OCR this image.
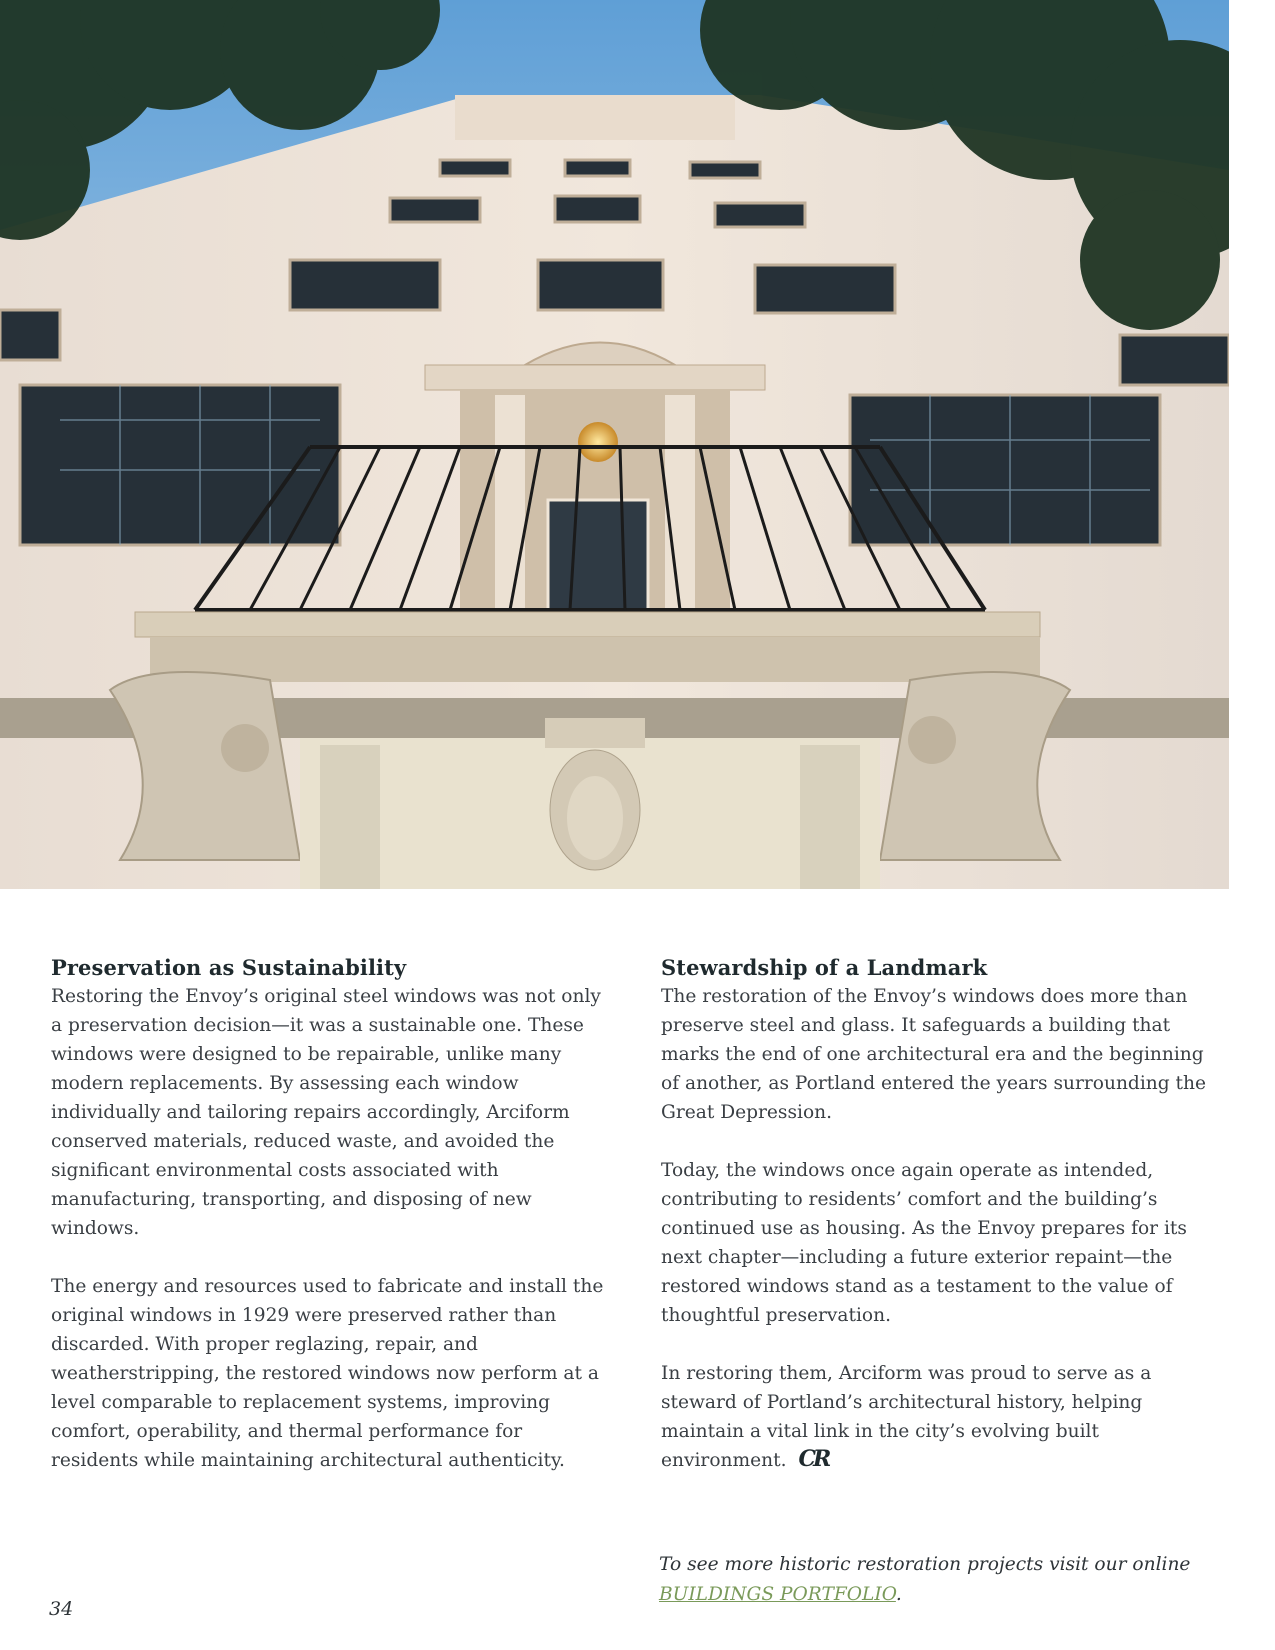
Preservation as Sustainability

Restoring the Envoy’s original steel windows was not only a preservation decision—it was a sustainable one. These windows were designed to be repairable, unlike many modern replacements. By assessing each window individually and tailoring repairs accordingly, Arciform conserved materials, reduced waste, and avoided the significant environmental costs associated with manufacturing, transporting, and disposing of new windows.

The energy and resources used to fabricate and install the original windows in 1929 were preserved rather than discarded. With proper reglazing, repair, and weatherstripping, the restored windows now perform at a level comparable to replacement systems, improving comfort, operability, and thermal performance for residents while maintaining architectural authenticity.

Stewardship of a Landmark

The restoration of the Envoy’s windows does more than preserve steel and glass. It safeguards a building that marks the end of one architectural era and the beginning of another, as Portland entered the years surrounding the Great Depression.

Today, the windows once again operate as intended, contributing to residents’ comfort and the building’s continued use as housing. As the Envoy prepares for its next chapter—including a future exterior repaint—the restored windows stand as a testament to the value of thoughtful preservation.

In restoring them, Arciform was proud to serve as a steward of Portland’s architectural history, helping maintain a vital link in the city’s evolving built environment. CR

To see more historic restoration projects visit our online BUILDINGS PORTFOLIO.
34
